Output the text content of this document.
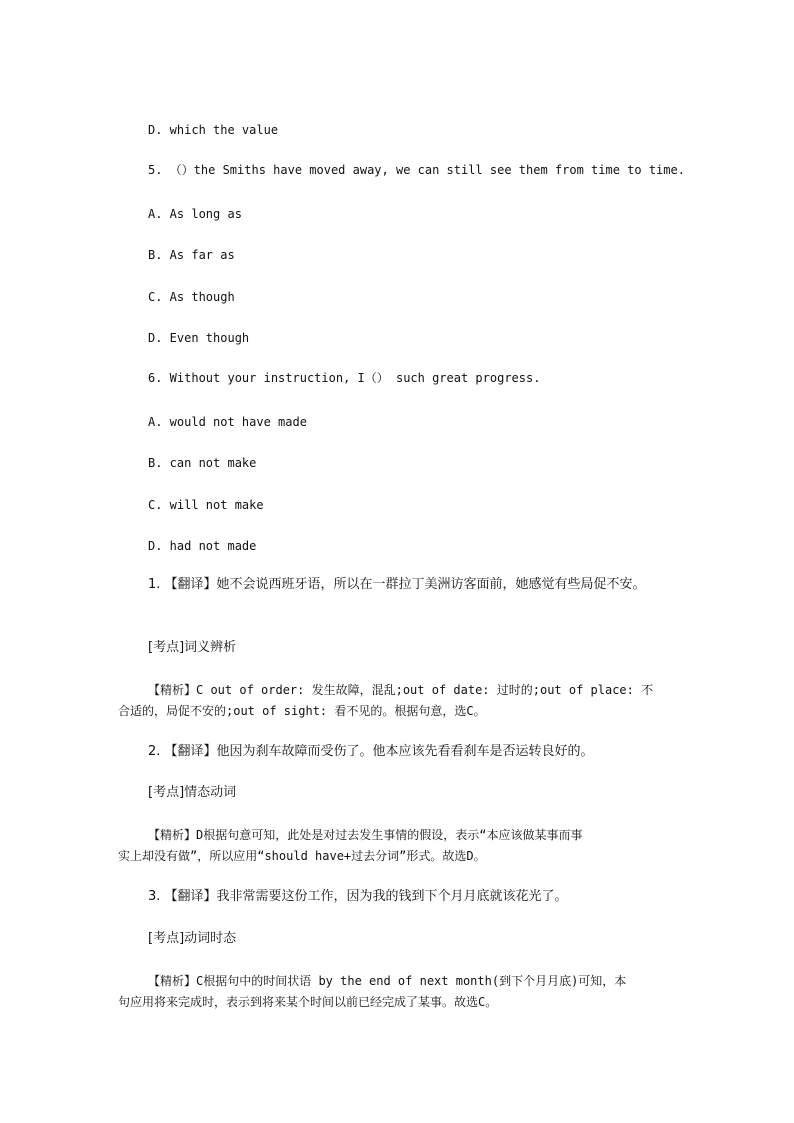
D. which the value
5. （）the Smiths have moved away, we can still see them from time to time.
A. As long as
B. As far as
C. As though
D. Even though
6. Without your instruction, I（） such great progress.
A. would not have made
B. can not make
C. will not make
D. had not made
1. 【翻译】她不会说西班牙语，所以在一群拉丁美洲访客面前，她感觉有些局促不安。
[考点]词义辨析
【精析】C out of order: 发生故障，混乱;out of date: 过时的;out of place: 不
合适的，局促不安的;out of sight: 看不见的。根据句意，选C。
2. 【翻译】他因为刹车故障而受伤了。他本应该先看看刹车是否运转良好的。
[考点]情态动词
【精析】D根据句意可知，此处是对过去发生事情的假设，表示“本应该做某事而事
实上却没有做”，所以应用“should have+过去分词”形式。故选D。
3. 【翻译】我非常需要这份工作，因为我的钱到下个月月底就该花光了。
[考点]动词时态
【精析】C根据句中的时间状语 by the end of next month(到下个月月底)可知，本
句应用将来完成时，表示到将来某个时间以前已经完成了某事。故选C。
